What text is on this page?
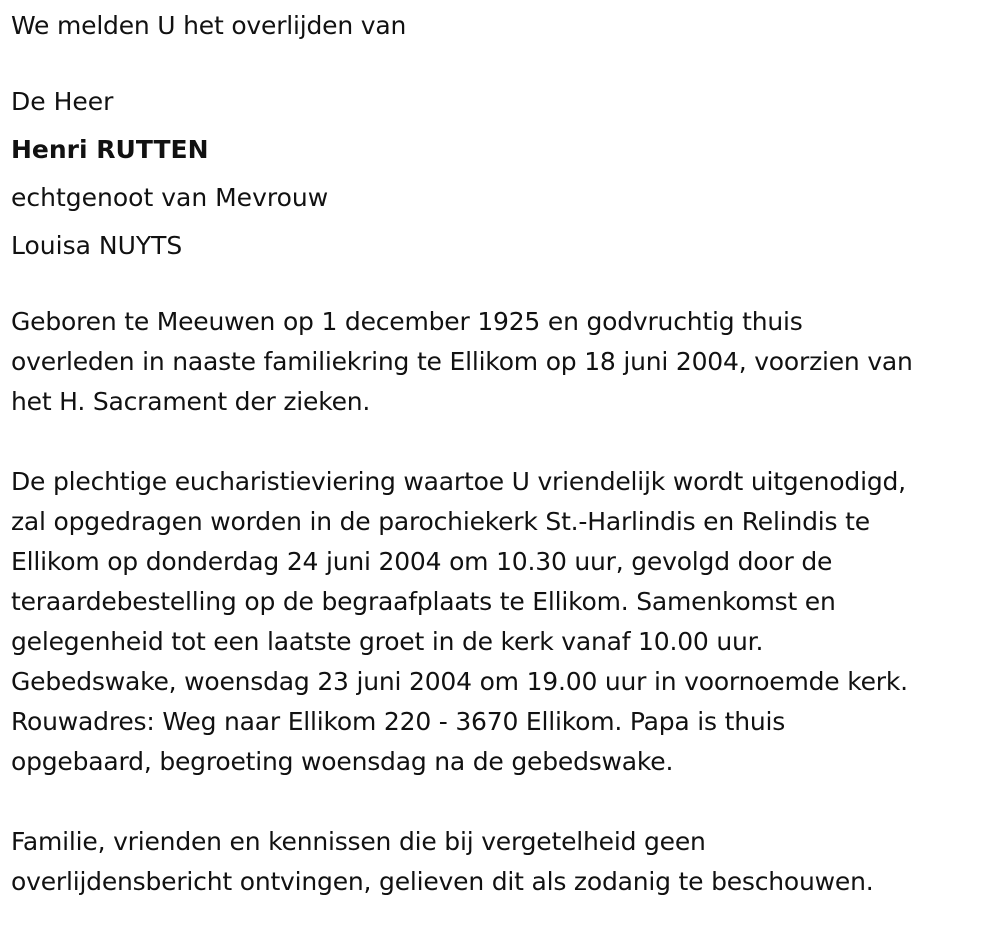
We melden U het overlijden van
De Heer
Henri RUTTEN
echtgenoot van Mevrouw
Louisa NUYTS
Geboren te Meeuwen op 1 december 1925 en godvruchtig thuis
overleden in naaste familiekring te Ellikom op 18 juni 2004, voorzien van
het H. Sacrament der zieken.
De plechtige eucharistieviering waartoe U vriendelijk wordt uitgenodigd,
zal opgedragen worden in de parochiekerk St.-Harlindis en Relindis te
Ellikom op donderdag 24 juni 2004 om 10.30 uur, gevolgd door de
teraardebestelling op de begraafplaats te Ellikom. Samenkomst en
gelegenheid tot een laatste groet in de kerk vanaf 10.00 uur.
Gebedswake, woensdag 23 juni 2004 om 19.00 uur in voornoemde kerk.
Rouwadres: Weg naar Ellikom 220 - 3670 Ellikom. Papa is thuis
opgebaard, begroeting woensdag na de gebedswake.
Familie, vrienden en kennissen die bij vergetelheid geen
overlijdensbericht ontvingen, gelieven dit als zodanig te beschouwen.
